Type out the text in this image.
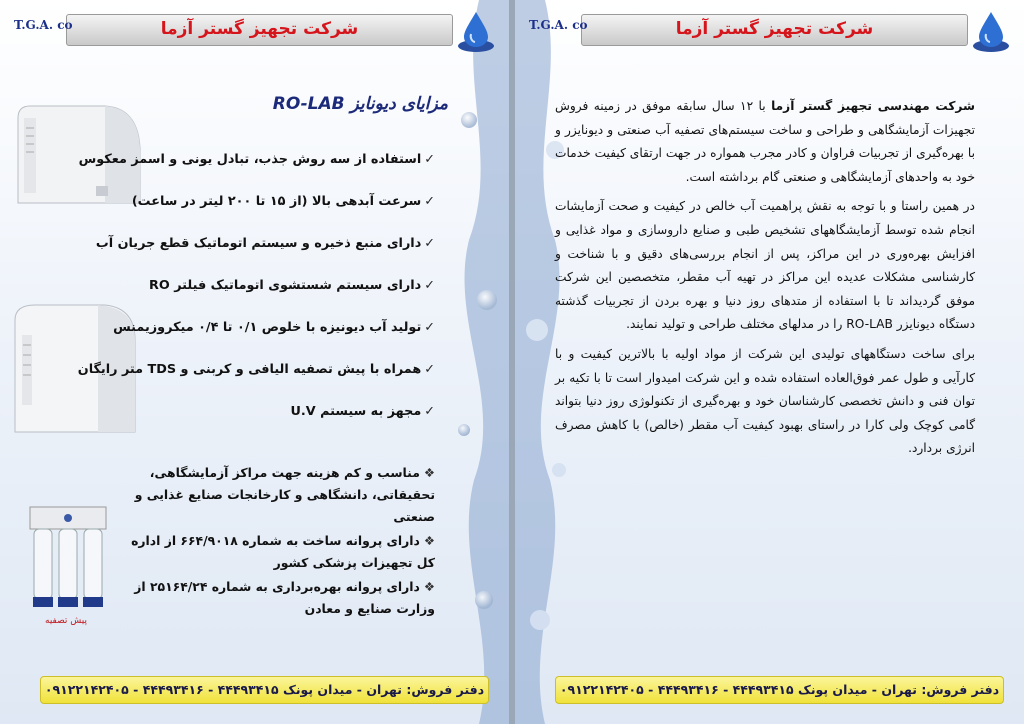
شرکت تجهیز گستر آزما
T.G.A. co
مزایای دیونایز RO-LAB
پیش تصفیه
✓استفاده از سه روش جذب، تبادل یونی و اسمز معکوس
✓سرعت آبدهی بالا (از ۱۵ تا ۲۰۰ لیتر در ساعت)
✓دارای منبع ذخیره و سیستم اتوماتیک قطع جریان آب
✓دارای سیستم شستشوی اتوماتیک فیلتر RO
✓تولید آب دیونیزه با خلوص ۰/۱ تا ۰/۴ میکروزیمنس
✓همراه با پیش تصفیه الیافی و کربنی و TDS متر رایگان
✓مجهز به سیستم U.V
❖مناسب و کم هزینه جهت مراکز آزمایشگاهی، تحقیقاتی، دانشگاهی و کارخانجات صنایع غذایی و صنعتی
❖دارای پروانه ساخت به شماره ۶۶۴/۹۰۱۸ از اداره کل تجهیزات پزشکی کشور
❖دارای پروانه بهره‌برداری به شماره ۲۵۱۶۴/۲۴ از وزارت صنایع و معادن
دفتر فروش: تهران - میدان پونک ۴۴۴۹۳۴۱۵ - ۴۴۴۹۳۴۱۶ - ۰۹۱۲۲۱۴۲۴۰۵
شرکت تجهیز گستر آزما
T.G.A. co

شرکت مهندسی تجهیز گستر آزما با ۱۲ سال سابقه موفق در زمینه فروش تجهیزات آزمایشگاهی و طراحی و ساخت سیستم‌های تصفیه آب صنعتی و دیونایزر و با بهره‌گیری از تجربیات فراوان و کادر مجرب همواره در جهت ارتقای کیفیت خدمات خود به واحدهای آزمایشگاهی و صنعتی گام برداشته است.

در همین راستا و با توجه به نقش پراهمیت آب خالص در کیفیت و صحت آزمایشات انجام شده توسط آزمایشگاههای تشخیص طبی و صنایع داروسازی و مواد غذایی و افزایش بهره‌وری در این مراکز، پس از انجام بررسی‌های دقیق و با شناخت و کارشناسی مشکلات عدیده این مراکز در تهیه آب مقطر، متخصصین این شرکت موفق گردیداند تا با استفاده از متدهای روز دنیا و بهره بردن از تجربیات گذشته دستگاه دیونایزر RO-LAB را در مدلهای مختلف طراحی و تولید نمایند.

برای ساخت دستگاههای تولیدی این شرکت از مواد اولیه با بالاترین کیفیت و با کارآیی و طول عمر فوق‌العاده استفاده شده و این شرکت امیدوار است تا با تکیه بر توان فنی و دانش تخصصی کارشناسان خود و بهره‌گیری از تکنولوژی روز دنیا بتواند گامی کوچک ولی کارا در راستای بهبود کیفیت آب مقطر (خالص) با کاهش مصرف انرژی بردارد.

دفتر فروش: تهران - میدان پونک ۴۴۴۹۳۴۱۵ - ۴۴۴۹۳۴۱۶ - ۰۹۱۲۲۱۴۲۴۰۵
